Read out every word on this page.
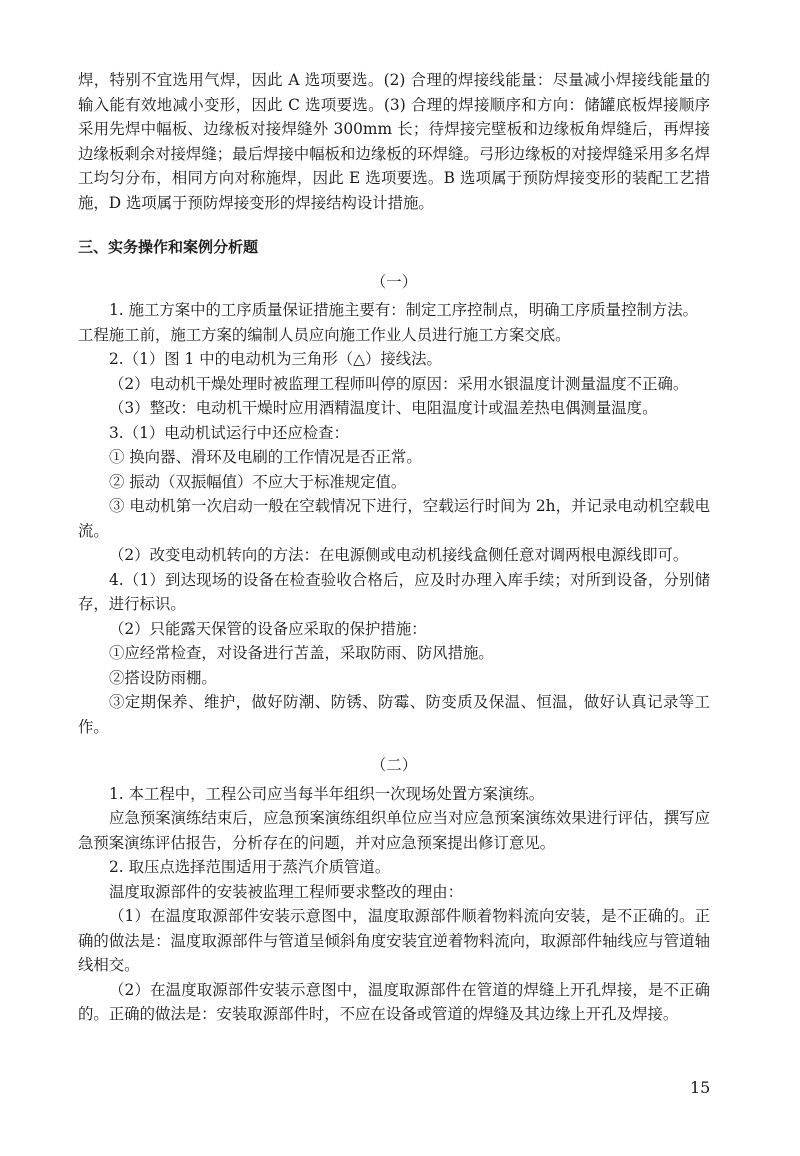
焊，特别不宜选用气焊，因此 A 选项要选。(2) 合理的焊接线能量：尽量减小焊接线能量的输入能有效地减小变形，因此 C 选项要选。(3) 合理的焊接顺序和方向：储罐底板焊接顺序采用先焊中幅板、边缘板对接焊缝外 300mm 长；待焊接完壁板和边缘板角焊缝后，再焊接边缘板剩余对接焊缝；最后焊接中幅板和边缘板的环焊缝。弓形边缘板的对接焊缝采用多名焊工均匀分布，相同方向对称施焊，因此 E 选项要选。B 选项属于预防焊接变形的装配工艺措施，D 选项属于预防焊接变形的焊接结构设计措施。

三、实务操作和案例分析题
（一）

1. 施工方案中的工序质量保证措施主要有：制定工序控制点，明确工序质量控制方法。

工程施工前，施工方案的编制人员应向施工作业人员进行施工方案交底。

2.（1）图 1 中的电动机为三角形（△）接线法。

（2）电动机干燥处理时被监理工程师叫停的原因：采用水银温度计测量温度不正确。

（3）整改：电动机干燥时应用酒精温度计、电阻温度计或温差热电偶测量温度。

3.（1）电动机试运行中还应检查：

① 换向器、滑环及电刷的工作情况是否正常。

② 振动（双振幅值）不应大于标准规定值。

③ 电动机第一次启动一般在空载情况下进行，空载运行时间为 2h，并记录电动机空载电流。

（2）改变电动机转向的方法：在电源侧或电动机接线盒侧任意对调两根电源线即可。

4.（1）到达现场的设备在检查验收合格后，应及时办理入库手续；对所到设备，分别储存，进行标识。

（2）只能露天保管的设备应采取的保护措施：

①应经常检查，对设备进行苫盖，采取防雨、防风措施。

②搭设防雨棚。

③定期保养、维护，做好防潮、防锈、防霉、防变质及保温、恒温，做好认真记录等工作。

（二）

1. 本工程中，工程公司应当每半年组织一次现场处置方案演练。

应急预案演练结束后，应急预案演练组织单位应当对应急预案演练效果进行评估，撰写应急预案演练评估报告，分析存在的问题，并对应急预案提出修订意见。

2. 取压点选择范围适用于蒸汽介质管道。

温度取源部件的安装被监理工程师要求整改的理由：

（1）在温度取源部件安装示意图中，温度取源部件顺着物料流向安装，是不正确的。正确的做法是：温度取源部件与管道呈倾斜角度安装宜逆着物料流向，取源部件轴线应与管道轴线相交。

（2）在温度取源部件安装示意图中，温度取源部件在管道的焊缝上开孔焊接，是不正确的。正确的做法是：安装取源部件时，不应在设备或管道的焊缝及其边缘上开孔及焊接。

15
